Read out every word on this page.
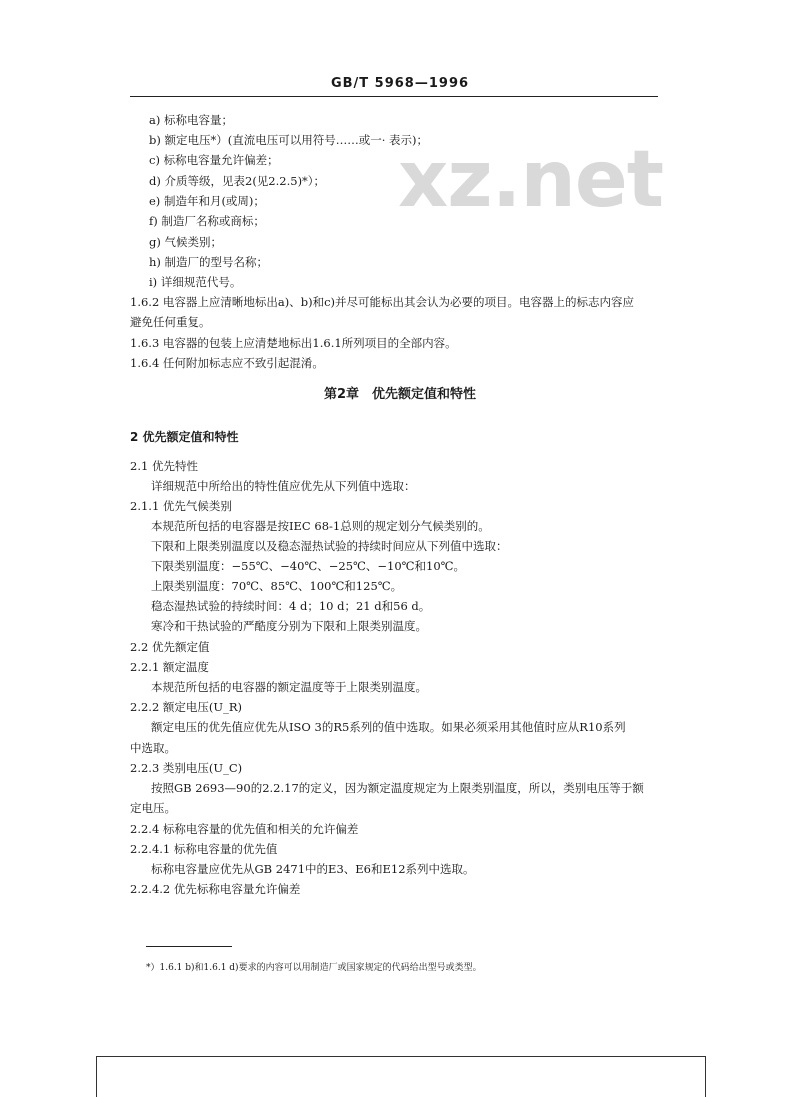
xz.net
GB/T 5968—1996
a) 标称电容量；
b) 额定电压*）(直流电压可以用符号……或一· 表示)；
c) 标称电容量允许偏差；
d) 介质等级，见表2(见2.2.5)*）；
e) 制造年和月(或周)；
f) 制造厂名称或商标；
g) 气候类别；
h) 制造厂的型号名称；
i) 详细规范代号。
1.6.2 电容器上应清晰地标出a)、b)和c)并尽可能标出其会认为必要的项目。电容器上的标志内容应
避免任何重复。
1.6.3 电容器的包装上应清楚地标出1.6.1所列项目的全部内容。
1.6.4 任何附加标志应不致引起混淆。
第2章　优先额定值和特性
2 优先额定值和特性
2.1 优先特性
详细规范中所给出的特性值应优先从下列值中选取：
2.1.1 优先气候类别
本规范所包括的电容器是按IEC 68-1总则的规定划分气候类别的。
下限和上限类别温度以及稳态湿热试验的持续时间应从下列值中选取：
下限类别温度：−55℃、−40℃、−25℃、−10℃和10℃。
上限类别温度：70℃、85℃、100℃和125℃。
稳态湿热试验的持续时间：4 d；10 d；21 d和56 d。
寒冷和干热试验的严酷度分别为下限和上限类别温度。
2.2 优先额定值
2.2.1 额定温度
本规范所包括的电容器的额定温度等于上限类别温度。
2.2.2 额定电压(U_R)
额定电压的优先值应优先从ISO 3的R5系列的值中选取。如果必须采用其他值时应从R10系列
中选取。
2.2.3 类别电压(U_C)
按照GB 2693—90的2.2.17的定义，因为额定温度规定为上限类别温度，所以，类别电压等于额
定电压。
2.2.4 标称电容量的优先值和相关的允许偏差
2.2.4.1 标称电容量的优先值
标称电容量应优先从GB 2471中的E3、E6和E12系列中选取。
2.2.4.2 优先标称电容量允许偏差
*）1.6.1 b)和1.6.1 d)要求的内容可以用制造厂或国家规定的代码给出型号或类型。
